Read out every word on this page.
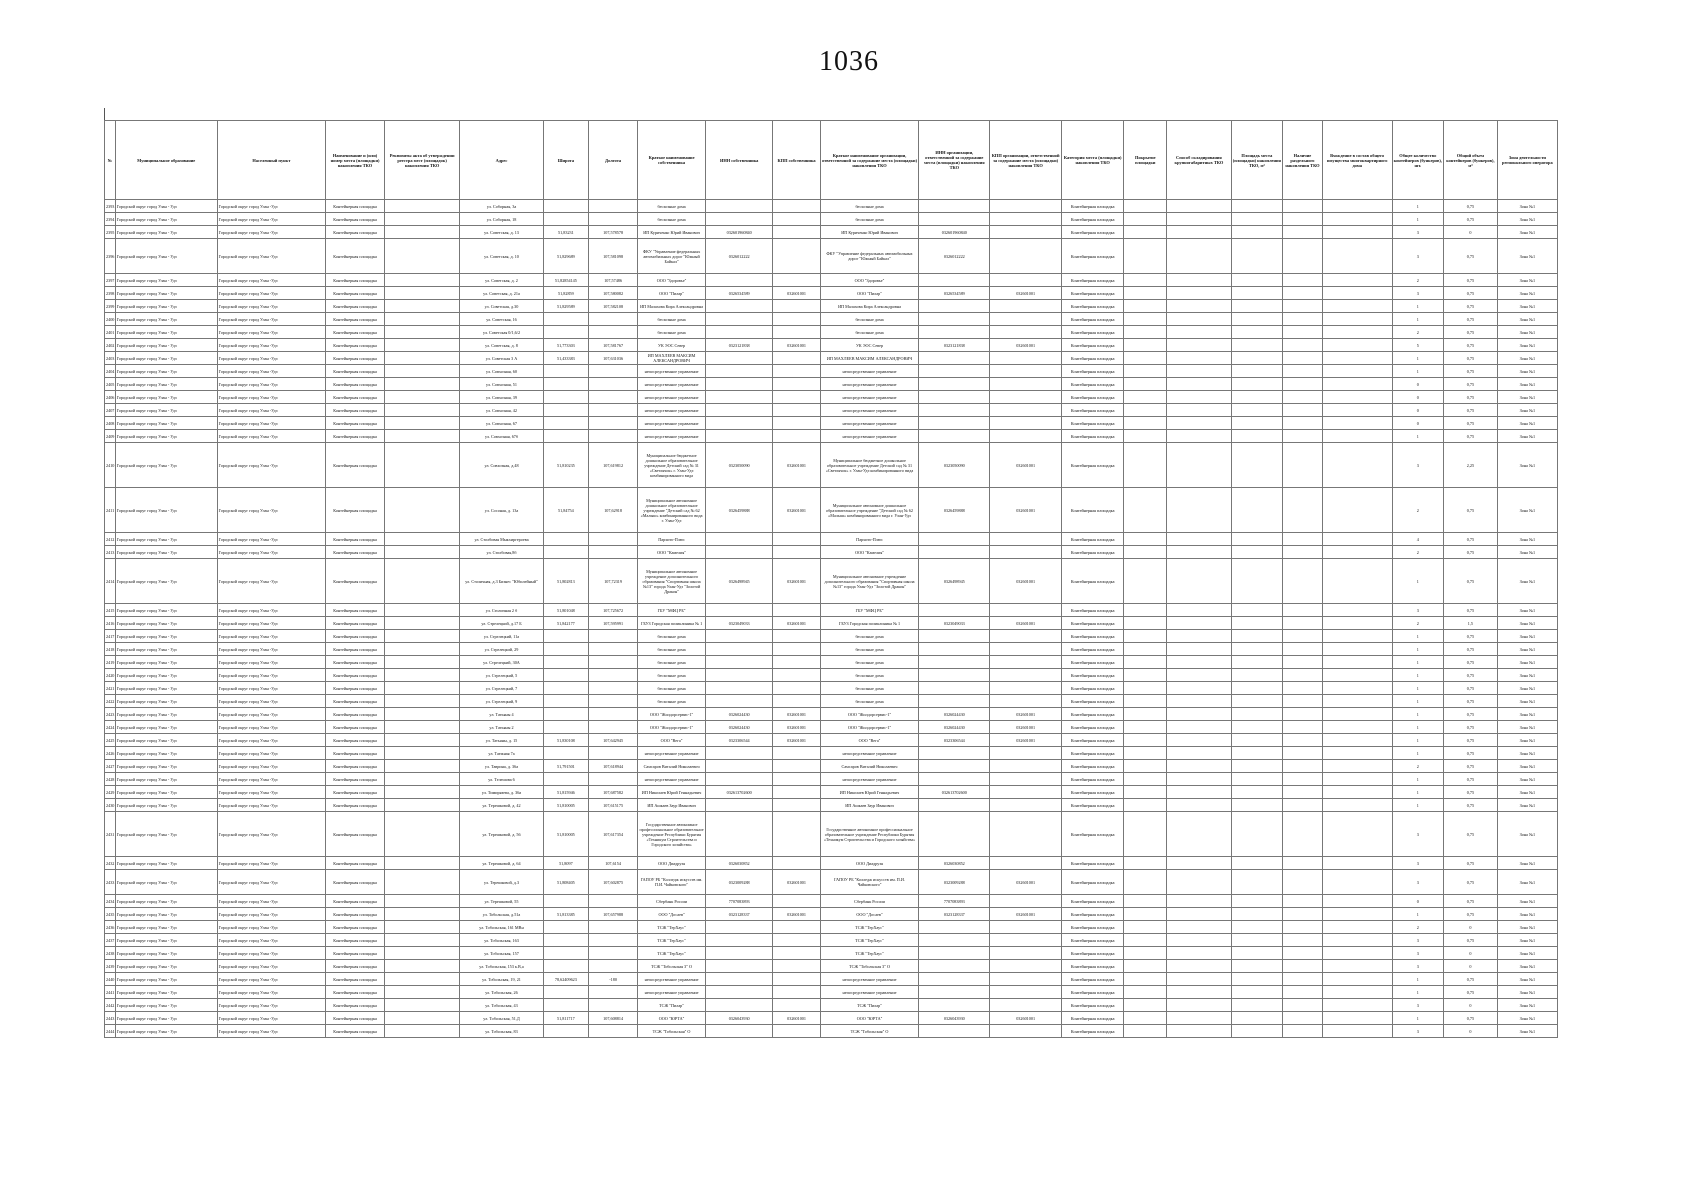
1036
№	Муниципальное образование	Населенный пункт	Наименование и (или) номер места (площадки) накопления ТКО	Реквизиты акта об утверждении реестра мест (площадок) накопления ТКО	Адрес	Широта	Долгота	Краткое наименование собственника	ИНН собственника	КПП собственника	Краткое наименование организации, ответственной за содержание места (площадки) накопления ТКО	ИНН организации, ответственной за содержание места (площадки) накопления ТКО	КПП организации, ответственной за содержание места (площадки) накопления ТКО	Категория места (площадки) накопления ТКО	Покрытие площадки	Способ складирования крупногабаритных ТКО	Площадь места (площадки) накопления ТКО, м²	Наличие раздельного накопления ТКО	Вхождение в состав общего имущества многоквартирного дома	Общее количество контейнеров (бункеров), шт.	Общий объем контейнеров (бункеров), м³	Зона деятельности регионального оператора
2393	Городской округ город Улан - Удэ	Городской округ город Улан -Удэ	Контейнерная площадка		ул. Соборная, 3а			бесхозные дома			бесхозные дома			Контейнерная площадка						1	0,75	Зона №1
2394	Городской округ город Улан - Удэ	Городской округ город Улан -Удэ	Контейнерная площадка		ул. Соборная, 18			бесхозные дома			бесхозные дома			Контейнерная площадка						1	0,75	Зона №1
2395	Городской округ город Улан - Удэ	Городской округ город Улан -Удэ	Контейнерная площадка		ул. Советская, д. 13	51,83231	107,578578	ИП Куриченко Юрий Иванович	032601960840		ИП Куриченко Юрий Иванович	032601960840		Контейнерная площадка						3	0	Зона №1
2396	Городской округ город Улан - Удэ	Городской округ город Улан -Удэ	Контейнерная площадка		ул. Советская, д. 10	51,829689	107,581098	ФКУ "Управление федеральных автомобильных дорог "Южный Байкал"	0326012222		ФКУ "Управление федеральных автомобильных дорог "Южный Байкал"	0326012222		Контейнерная площадка						3	0,75	Зона №1
2397	Городской округ город Улан - Удэ	Городской округ город Улан -Удэ	Контейнерная площадка		ул. Советская, д. 2	51,82854145	107,57486	ООО "Здоровье"			ООО "Здоровье"			Контейнерная площадка						2	0,75	Зона №1
2398	Городской округ город Улан - Удэ	Городской округ город Улан -Удэ	Контейнерная площадка		ул. Советская, д. 21а	51,82859	107,580082	ООО "Пилар"	0326534589	032601001	ООО "Пилар"	0326534589	032601001	Контейнерная площадка						3	0,75	Зона №1
2399	Городской округ город Улан - Удэ	Городской округ город Улан -Удэ	Контейнерная площадка		ул. Советская, д.30	51,829589	107,582108	ИП Малахова Кира Александровна			ИП Малахова Кира Александровна			Контейнерная площадка						1	0,75	Зона №1
2400	Городской округ город Улан - Удэ	Городской округ город Улан -Удэ	Контейнерная площадка		ул. Советская, 16			бесхозные дома			бесхозные дома			Контейнерная площадка						1	0,75	Зона №1
2401	Городской округ город Улан - Удэ	Городской округ город Улан -Удэ	Контейнерная площадка		ул. Советская 0/1,6/2			бесхозные дома			бесхозные дома			Контейнерная площадка						2	0,75	Зона №1
2402	Городской округ город Улан - Удэ	Городской округ город Улан -Удэ	Контейнерная площадка		ул. Советская, д. 8	51,773303	107,581767	УК ЭОС Север	0323121838	032601001	УК ЭОС Север	0323121838	032601001	Контейнерная площадка						5	0,75	Зона №1
2403	Городской округ город Улан - Удэ	Городской округ город Улан -Удэ	Контейнерная площадка		ул. Советская 3 А	51,433383	107,631036	ИП МАХЛЕЕВ МАКСИМ АЛЕКСАНДРОВИЧ			ИП МАХЛЕЕВ МАКСИМ АЛЕКСАНДРОВИЧ			Контейнерная площадка						1	0,75	Зона №1
2404	Городской округ город Улан - Удэ	Городской округ город Улан -Удэ	Контейнерная площадка		ул. Совхозная, 60			непосредственное управление			непосредственное управление			Контейнерная площадка						1	0,75	Зона №1
2405	Городской округ город Улан - Удэ	Городской округ город Улан -Удэ	Контейнерная площадка		ул. Совхозная, 51			непосредственное управление			непосредственное управление			Контейнерная площадка						0	0,75	Зона №1
2406	Городской округ город Улан - Удэ	Городской округ город Улан -Удэ	Контейнерная площадка		ул. Совхозная, 39			непосредственное управление			непосредственное управление			Контейнерная площадка						0	0,75	Зона №1
2407	Городской округ город Улан - Удэ	Городской округ город Улан -Удэ	Контейнерная площадка		ул. Совхозная, 42			непосредственное управление			непосредственное управление			Контейнерная площадка						0	0,75	Зона №1
2408	Городской округ город Улан - Удэ	Городской округ город Улан -Удэ	Контейнерная площадка		ул. Совхозная, 67			непосредственное управление			непосредственное управление			Контейнерная площадка						0	0,75	Зона №1
2409	Городской округ город Улан - Удэ	Городской округ город Улан -Удэ	Контейнерная площадка		ул. Совхозная, 67б			непосредственное управление			непосредственное управление			Контейнерная площадка						1	0,75	Зона №1
2410	Городской округ город Улан - Удэ	Городской округ город Улан -Удэ	Контейнерная площадка		ул. Совхозная, д.48	51,810235	107,619812	Муниципальное бюджетное дошкольное образовательное учреждение Детский сад № 31 «Светлячок» г. Улан-Удэ комбинированного вида	0323050090	032601001	Муниципальное бюджетное дошкольное образовательное учреждение Детский сад № 31 «Светлячок» г. Улан-Удэ комбинированного вида	0323050090	032601001	Контейнерная площадка						3	2,25	Зона №1
2411	Городской округ город Улан - Удэ	Городской округ город Улан -Удэ	Контейнерная площадка		ул. Сосоная, д. 13а	51,84754	107,62918	Муниципальное автономное дошкольное образовательное учреждение "Детский сад № 62 «Малыш» комбинированного вида г. Улан-Удэ	0326459888	032601001	Муниципальное автономное дошкольное образовательное учреждение "Детский сад № 62 «Малыш» комбинированного вида г. Улан-Удэ	0326459888	032601001	Контейнерная площадка						2	0,75	Зона №1
2412	Городской округ город Улан - Удэ	Городской округ город Улан -Удэ	Контейнерная площадка		ул. Столбовая Мыкхиргероева			Пархито-Плюс			Пархито-Плюс			Контейнерная площадка						4	0,75	Зона №1
2413	Городской округ город Улан - Удэ	Городской округ город Улан -Удэ	Контейнерная площадка		ул. Столбовая,8б			ООО "Камелия"			ООО "Камелия"			Контейнерная площадка						2	0,75	Зона №1
2414	Городской округ город Улан - Удэ	Городской округ город Улан -Удэ	Контейнерная площадка		ул. Столичная, д.3 Бизнес "Юбилейный"	51,802813	107,72319	Муниципальное автономное учреждение дополнительного образования "Спортивная школа №13" города Улан-Удэ "Золотой Дракон"	0326498945	032601001	Муниципальное автономное учреждение дополнительного образования "Спортивная школа №13" города Улан-Удэ "Золотой Дракон"	0326498945	032601001	Контейнерная площадка						1	0,75	Зона №1
2415	Городской округ город Улан - Удэ	Городской округ город Улан -Удэ	Контейнерная площадка		ул. Столичная 2 б	51,801048	107,725672	ГБУ "МФЦ РБ"			ГБУ "МФЦ РБ"			Контейнерная площадка						3	0,75	Зона №1
2416	Городской округ город Улан - Удэ	Городской округ город Улан -Удэ	Контейнерная площадка		ул. Стрелецкий, д.17 Б	51,842177	107,595991	ГБУЗ Городская поликлиника № 1	0323049033	032601001	ГБУЗ Городская поликлиника № 1	0323049033	032601001	Контейнерная площадка						2	1,5	Зона №1
2417	Городской округ город Улан - Удэ	Городской округ город Улан -Удэ	Контейнерная площадка		ул. Стрелецкий, 11а			бесхозные дома			бесхозные дома			Контейнерная площадка						1	0,75	Зона №1
2418	Городской округ город Улан - Удэ	Городской округ город Улан -Удэ	Контейнерная площадка		ул. Стрелецкий, 29			бесхозные дома			бесхозные дома			Контейнерная площадка						1	0,75	Зона №1
2419	Городской округ город Улан - Удэ	Городской округ город Улан -Удэ	Контейнерная площадка		ул. Стрелецкий, 30А			бесхозные дома			бесхозные дома			Контейнерная площадка						1	0,75	Зона №1
2420	Городской округ город Улан - Удэ	Городской округ город Улан -Удэ	Контейнерная площадка		ул. Стрелецкий, 5			бесхозные дома			бесхозные дома			Контейнерная площадка						1	0,75	Зона №1
2421	Городской округ город Улан - Удэ	Городской округ город Улан -Удэ	Контейнерная площадка		ул. Стрелецкий, 7			бесхозные дома			бесхозные дома			Контейнерная площадка						1	0,75	Зона №1
2422	Городской округ город Улан - Удэ	Городской округ город Улан -Удэ	Контейнерная площадка		ул. Стрелецкий, 9			бесхозные дома			бесхозные дома			Контейнерная площадка						1	0,75	Зона №1
2423	Городской округ город Улан - Удэ	Городской округ город Улан -Удэ	Контейнерная площадка		ул. Татьяны 4			ООО "Жилдорсервис-1"	0326024430	032601001	ООО "Жилдорсервис-1"	0326024430	032601001	Контейнерная площадка						1	0,75	Зона №1
2424	Городской округ город Улан - Удэ	Городской округ город Улан -Удэ	Контейнерная площадка		ул. Татьяны 2			ООО "Жилдорсервис-1"	0326024430	032601001	ООО "Жилдорсервис-1"	0326024430	032601001	Контейнерная площадка						1	0,75	Зона №1
2425	Городской округ город Улан - Удэ	Городской округ город Улан -Удэ	Контейнерная площадка		ул. Татьяны, д. 15	51,830108	107,642945	ООО "Вега"	0323306544	032601001	ООО "Вега"	0323306544	032601001	Контейнерная площадка						1	0,75	Зона №1
2426	Городской округ город Улан - Удэ	Городской округ город Улан -Удэ	Контейнерная площадка		ул. Таежная 7а			непосредственное управление			непосредственное управление			Контейнерная площадка						1	0,75	Зона №1
2427	Городской округ город Улан - Удэ	Городской округ город Улан -Удэ	Контейнерная площадка		ул. Таврина, д. 36а	51,791501	107,618944	Самсаров Виталий Николаевич			Самсаров Виталий Николаевич			Контейнерная площадка						2	0,75	Зона №1
2428	Городской округ город Улан - Удэ	Городской округ город Улан -Удэ	Контейнерная площадка		ул. Телешова 6			непосредственное управление			непосредственное управление			Контейнерная площадка						1	0,75	Зона №1
2429	Городской округ город Улан - Удэ	Городской округ город Улан -Удэ	Контейнерная площадка		ул. Тимирязева, д. 36а	51,815946	107,687582	ИП Николаев Юрий Геннадьевич	032613702600		ИП Николаев Юрий Геннадьевич	032613702600		Контейнерная площадка						1	0,75	Зона №1
2430	Городской округ город Улан - Удэ	Городской округ город Улан -Удэ	Контейнерная площадка		ул. Терешковой, д. 42	51,810005	107,615175	ИП Ашкаев Заур Иванович			ИП Ашкаев Заур Иванович			Контейнерная площадка						1	0,75	Зона №1
2431	Городской округ город Улан - Удэ	Городской округ город Улан -Удэ	Контейнерная площадка		ул. Терешковой, д. 56	51,810005	107,617354	Государственное автономное профессиональное образовательное учреждение Республики Бурятия «Техникум Строительства и Городского хозяйства»			Государственное автономное профессиональное образовательное учреждение Республики Бурятия «Техникум Строительства и Городского хозяйства»			Контейнерная площадка						3	0,75	Зона №1
2432	Городской округ город Улан - Удэ	Городской округ город Улан -Удэ	Контейнерная площадка		ул. Терешковой, д. 64	51,8097	107,6154	ООО Диадрузя	0326030852		ООО Диадрузя	0326030852		Контейнерная площадка						3	0,75	Зона №1
2433	Городской округ город Улан - Удэ	Городской округ город Улан -Удэ	Контейнерная площадка		ул. Терешковой, д.3	51,808405	107,602875	ГАПОУ РБ "Колледж искусств им. П.И. Чайковского"	0323009288	032601001	ГАПОУ РБ "Колледж искусств им. П.И. Чайковского"	0323009288	032601001	Контейнерная площадка						3	0,75	Зона №1
2434	Городской округ город Улан - Удэ	Городской округ город Улан -Удэ	Контейнерная площадка		ул. Терешковой, 55			Сбербанк России	7707083893		Сбербанк России	7707083893		Контейнерная площадка						0	0,75	Зона №1
2435	Городской округ город Улан - Удэ	Городской округ город Улан -Удэ	Контейнерная площадка		ул. Тобольская, д.51а	51,813385	107,657988	ООО "Досаев"	0323128337	032601001	ООО "Досаев"	0323128337	032601001	Контейнерная площадка						1	0,75	Зона №1
2436	Городской округ город Улан - Удэ	Городской округ город Улан -Удэ	Контейнерная площадка		ул. Тобольская, 161 МВн			ТСЖ "ТерХаус"			ТСЖ "ТерХаус"			Контейнерная площадка						2	0	Зона №1
2437	Городской округ город Улан - Удэ	Городской округ город Улан -Удэ	Контейнерная площадка		ул. Тобольская, 163			ТСЖ "ТерХаус"			ТСЖ "ТерХаус"			Контейнерная площадка						3	0,75	Зона №1
2438	Городской округ город Улан - Удэ	Городской округ город Улан -Удэ	Контейнерная площадка		ул. Тобольская, 157			ТСЖ "ТерХаус"			ТСЖ "ТерХаус"			Контейнерная площадка						3	0	Зона №1
2439	Городской округ город Улан - Удэ	Городской округ город Улан -Удэ	Контейнерная площадка		ул. Тобольская, 153 к.В,а			ТСЖ "Тобольская 3" О			ТСЖ "Тобольская 3" О			Контейнерная площадка						3	0	Зона №1
2440	Городской округ город Улан - Удэ	Городской округ город Улан -Удэ	Контейнерная площадка		ул. Тобольская, 19, 21	78,62409623	-180	непосредственное управление			непосредственное управление			Контейнерная площадка						1	0,75	Зона №1
2441	Городской округ город Улан - Удэ	Городской округ город Улан -Удэ	Контейнерная площадка		ул. Тобольская, 26			непосредственное управление			непосредственное управление			Контейнерная площадка						1	0,75	Зона №1
2442	Городской округ город Улан - Удэ	Городской округ город Улан -Удэ	Контейнерная площадка		ул. Тобольская, 43			ТСЖ "Пилар"			ТСЖ "Пилар"			Контейнерная площадка						3	0	Зона №1
2443	Городской округ город Улан - Удэ	Городской округ город Улан -Удэ	Контейнерная площадка		ул. Тобольская, 51,Д	51,811717	107,608814	ООО "ЮРТА"	0326043930	032601001	ООО "ЮРТА"	0326043930	032601001	Контейнерная площадка						1	0,75	Зона №1
2444	Городской округ город Улан - Удэ	Городской округ город Улан -Удэ	Контейнерная площадка		ул. Тобольская, 83			ТСЖ "Тобольская" О			ТСЖ "Тобольская" О			Контейнерная площадка						3	0	Зона №1
